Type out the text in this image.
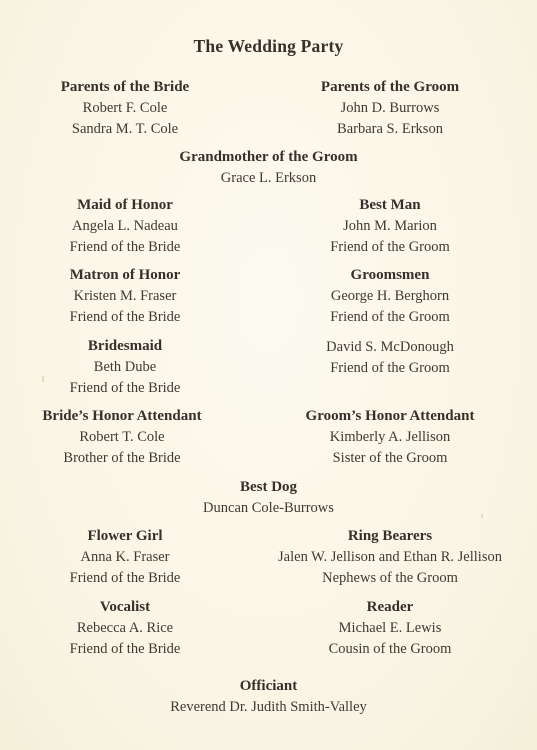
The Wedding Party
Parents of the Bride
Robert F. Cole
Sandra M. T. Cole
Parents of the Groom
John D. Burrows
Barbara S. Erkson
Grandmother of the Groom
Grace L. Erkson
Maid of Honor
Angela L. Nadeau
Friend of the Bride
Best Man
John M. Marion
Friend of the Groom
Matron of Honor
Kristen M. Fraser
Friend of the Bride
Groomsmen
George H. Berghorn
Friend of the Groom
David S. McDonough
Friend of the Groom
Bridesmaid
Beth Dube
Friend of the Bride
Bride’s Honor Attendant
Robert T. Cole
Brother of the Bride
Groom’s Honor Attendant
Kimberly A. Jellison
Sister of the Groom
Best Dog
Duncan Cole-Burrows
Flower Girl
Anna K. Fraser
Friend of the Bride
Ring Bearers
Jalen W. Jellison and Ethan R. Jellison
Nephews of the Groom
Vocalist
Rebecca A. Rice
Friend of the Bride
Reader
Michael E. Lewis
Cousin of the Groom
Officiant
Reverend Dr. Judith Smith-Valley
